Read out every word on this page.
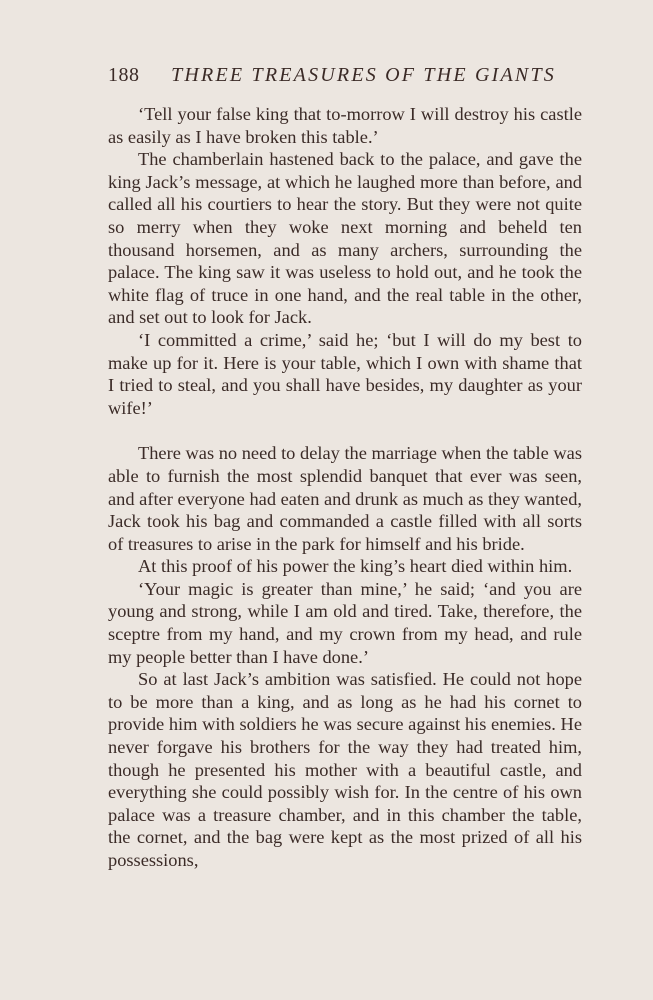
188 THREE TREASURES OF THE GIANTS

‘Tell your false king that to-morrow I will destroy his castle as easily as I have broken this table.’

The chamberlain hastened back to the palace, and gave the king Jack’s message, at which he laughed more than before, and called all his courtiers to hear the story. But they were not quite so merry when they woke next morning and beheld ten thousand horsemen, and as many archers, surrounding the palace. The king saw it was useless to hold out, and he took the white flag of truce in one hand, and the real table in the other, and set out to look for Jack.

‘I committed a crime,’ said he; ‘but I will do my best to make up for it. Here is your table, which I own with shame that I tried to steal, and you shall have besides, my daughter as your wife!’

There was no need to delay the marriage when the table was able to furnish the most splendid banquet that ever was seen, and after everyone had eaten and drunk as much as they wanted, Jack took his bag and commanded a castle filled with all sorts of treasures to arise in the park for himself and his bride.

At this proof of his power the king’s heart died within him.

‘Your magic is greater than mine,’ he said; ‘and you are young and strong, while I am old and tired. Take, therefore, the sceptre from my hand, and my crown from my head, and rule my people better than I have done.’

So at last Jack’s ambition was satisfied. He could not hope to be more than a king, and as long as he had his cornet to provide him with soldiers he was secure against his enemies. He never forgave his brothers for the way they had treated him, though he presented his mother with a beautiful castle, and everything she could possibly wish for. In the centre of his own palace was a treasure chamber, and in this chamber the table, the cornet, and the bag were kept as the most prized of all his possessions,
